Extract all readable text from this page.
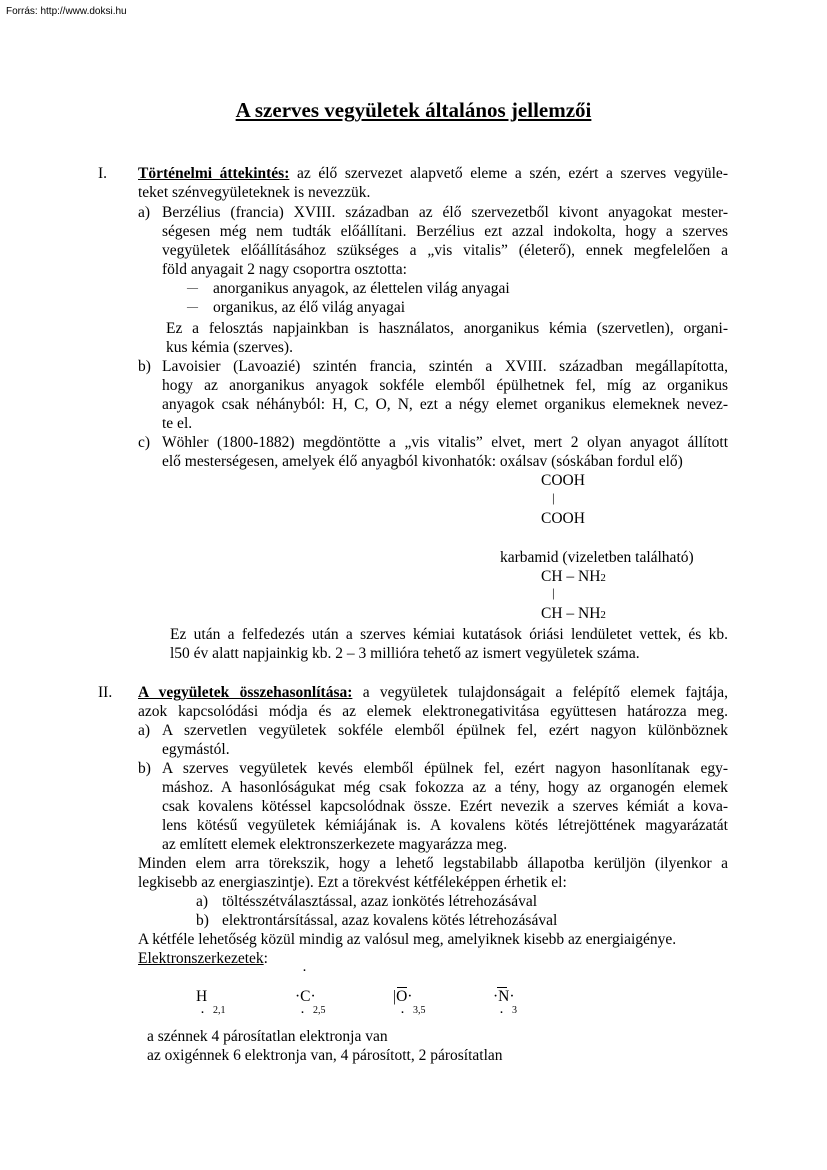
Forrás: http://www.doksi.hu
A szerves vegyületek általános jellemzői
I. Történelmi áttekintés: az élő szervezet alapvető eleme a szén, ezért a szerves vegyüle-
teket szénvegyületeknek is nevezzük.
a) Berzélius (francia) XVIII. században az élő szervezetből kivont anyagokat mester-
ségesen még nem tudták előállítani. Berzélius ezt azzal indokolta, hogy a szerves
vegyületek előállításához szükséges a „vis vitalis” (életerő), ennek megfelelően a
föld anyagait 2 nagy csoportra osztotta:
— anorganikus anyagok, az élettelen világ anyagai
— organikus, az élő világ anyagai
Ez a felosztás napjainkban is használatos, anorganikus kémia (szervetlen), organi-
kus kémia (szerves).
b) Lavoisier (Lavoazié) szintén francia, szintén a XVIII. században megállapította,
hogy az anorganikus anyagok sokféle elemből épülhetnek fel, míg az organikus
anyagok csak néhányból: H, C, O, N, ezt a négy elemet organikus elemeknek nevez-
te el.
c) Wöhler (1800-1882) megdöntötte a „vis vitalis” elvet, mert 2 olyan anyagot állított
elő mesterségesen, amelyek élő anyagból kivonhatók: oxálsav (sóskában fordul elő)
COOH
|
COOH
karbamid (vizeletben található)
CH – NH2
|
CH – NH2
Ez után a felfedezés után a szerves kémiai kutatások óriási lendületet vettek, és kb.
l50 év alatt napjainkig kb. 2 – 3 millióra tehető az ismert vegyületek száma.
II. A vegyületek összehasonlítása: a vegyületek tulajdonságait a felépítő elemek fajtája,
azok kapcsolódási módja és az elemek elektronegativitása együttesen határozza meg.
a) A szervetlen vegyületek sokféle elemből épülnek fel, ezért nagyon különböznek
egymástól.
b) A szerves vegyületek kevés elemből épülnek fel, ezért nagyon hasonlítanak egy-
máshoz. A hasonlóságukat még csak fokozza az a tény, hogy az organogén elemek
csak kovalens kötéssel kapcsolódnak össze. Ezért nevezik a szerves kémiát a kova-
lens kötésű vegyületek kémiájának is. A kovalens kötés létrejöttének magyarázatát
az említett elemek elektronszerkezete magyarázza meg.
Minden elem arra törekszik, hogy a lehető legstabilabb állapotba kerüljön (ilyenkor a
legkisebb az energiaszintje). Ezt a törekvést kétféleképpen érhetik el:
a) töltésszétválasztással, azaz ionkötés létrehozásával
b) elektrontársítással, azaz kovalens kötés létrehozásával
A kétféle lehetőség közül mindig az valósul meg, amelyiknek kisebb az energiaigénye.
Elektronszerkezetek:
·
H	·C·	|O·	·N·
· 2,1	· 2,5	· 3,5	· 3
a szénnek 4 párosítatlan elektronja van
az oxigénnek 6 elektronja van, 4 párosított, 2 párosítatlan
